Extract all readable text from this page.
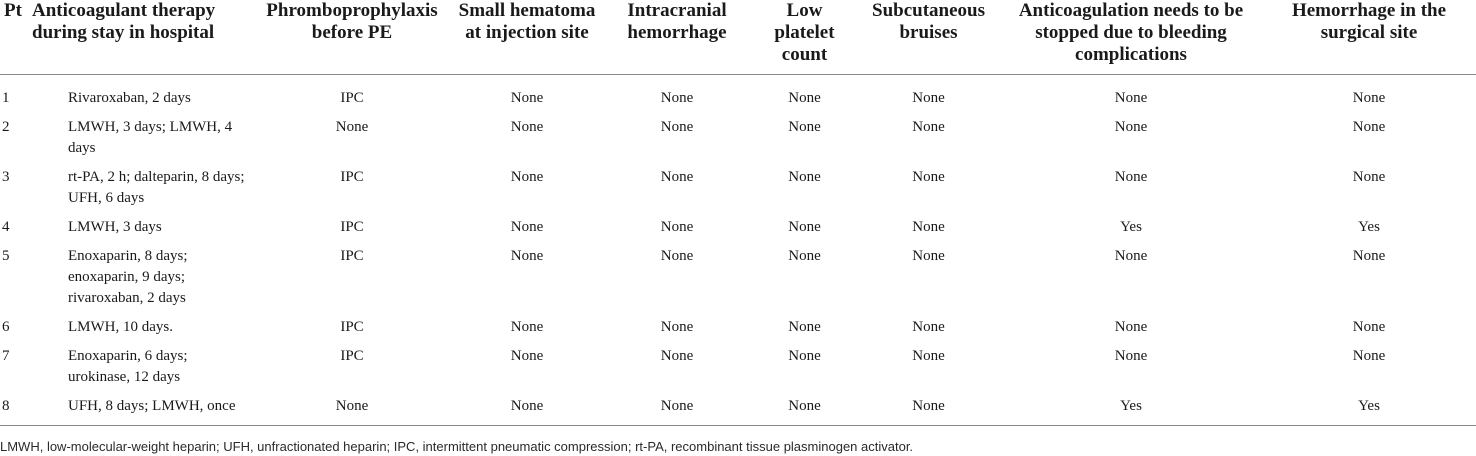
Pt	Anticoagulant therapy during stay in hospital	Phromboprophylaxis before PE	Small hematoma at injection site	Intracranial hemorrhage	Low platelet count	Subcutaneous bruises	Anticoagulation needs to be stopped due to bleeding complications	Hemorrhage in the surgical site
1	Rivaroxaban, 2 days	IPC	None	None	None	None	None	None
2	LMWH, 3 days; LMWH, 4 days	None	None	None	None	None	None	None
3	rt-PA, 2 h; dalteparin, 8 days; UFH, 6 days	IPC	None	None	None	None	None	None
4	LMWH, 3 days	IPC	None	None	None	None	Yes	Yes
5	Enoxaparin, 8 days; enoxaparin, 9 days; rivaroxaban, 2 days	IPC	None	None	None	None	None	None
6	LMWH, 10 days.	IPC	None	None	None	None	None	None
7	Enoxaparin, 6 days; urokinase, 12 days	IPC	None	None	None	None	None	None
8	UFH, 8 days; LMWH, once	None	None	None	None	None	Yes	Yes
LMWH, low-molecular-weight heparin; UFH, unfractionated heparin; IPC, intermittent pneumatic compression; rt-PA, recombinant tissue plasminogen activator.
